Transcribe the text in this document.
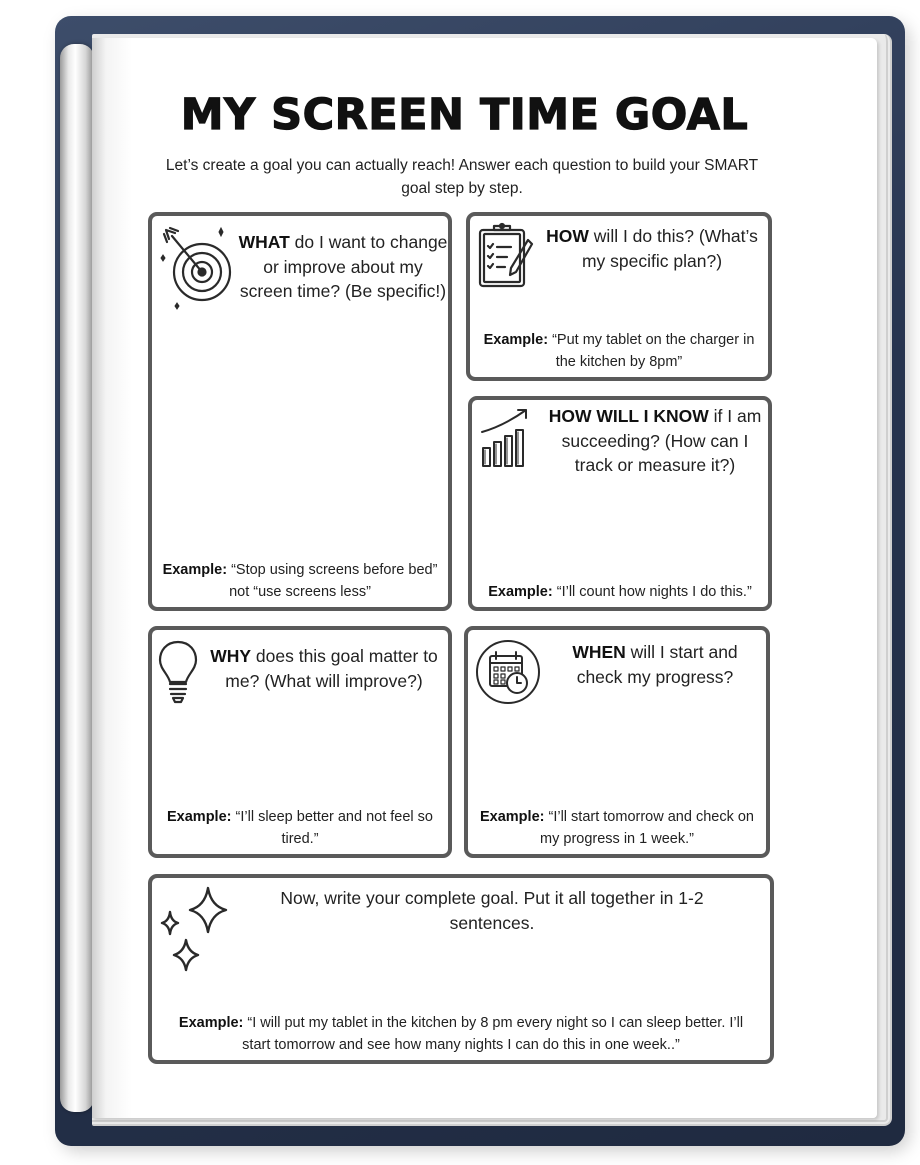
MY SCREEN TIME GOAL
Let’s create a goal you can actually reach! Answer each question to build your SMART goal step by step.
WHAT do I want to change or improve about my screen time? (Be specific!)
Example: “Stop using screens before bed” not “use screens less”
HOW will I do this? (What’s my specific plan?)
Example: “Put my tablet on the charger in the kitchen by 8pm”
HOW WILL I KNOW if I am succeeding? (How can I track or measure it?)
Example: “I’ll count how nights I do this.”
WHY does this goal matter to me? (What will improve?)
Example: “I’ll sleep better and not feel so tired.”
WHEN will I start and check my progress?
Example: “I’ll start tomorrow and check on my progress in 1 week.”
Now, write your complete goal. Put it all together in 1-2 sentences.
Example: “I will put my tablet in the kitchen by 8 pm every night so I can sleep better. I’ll start tomorrow and see how many nights I can do this in one week..”
